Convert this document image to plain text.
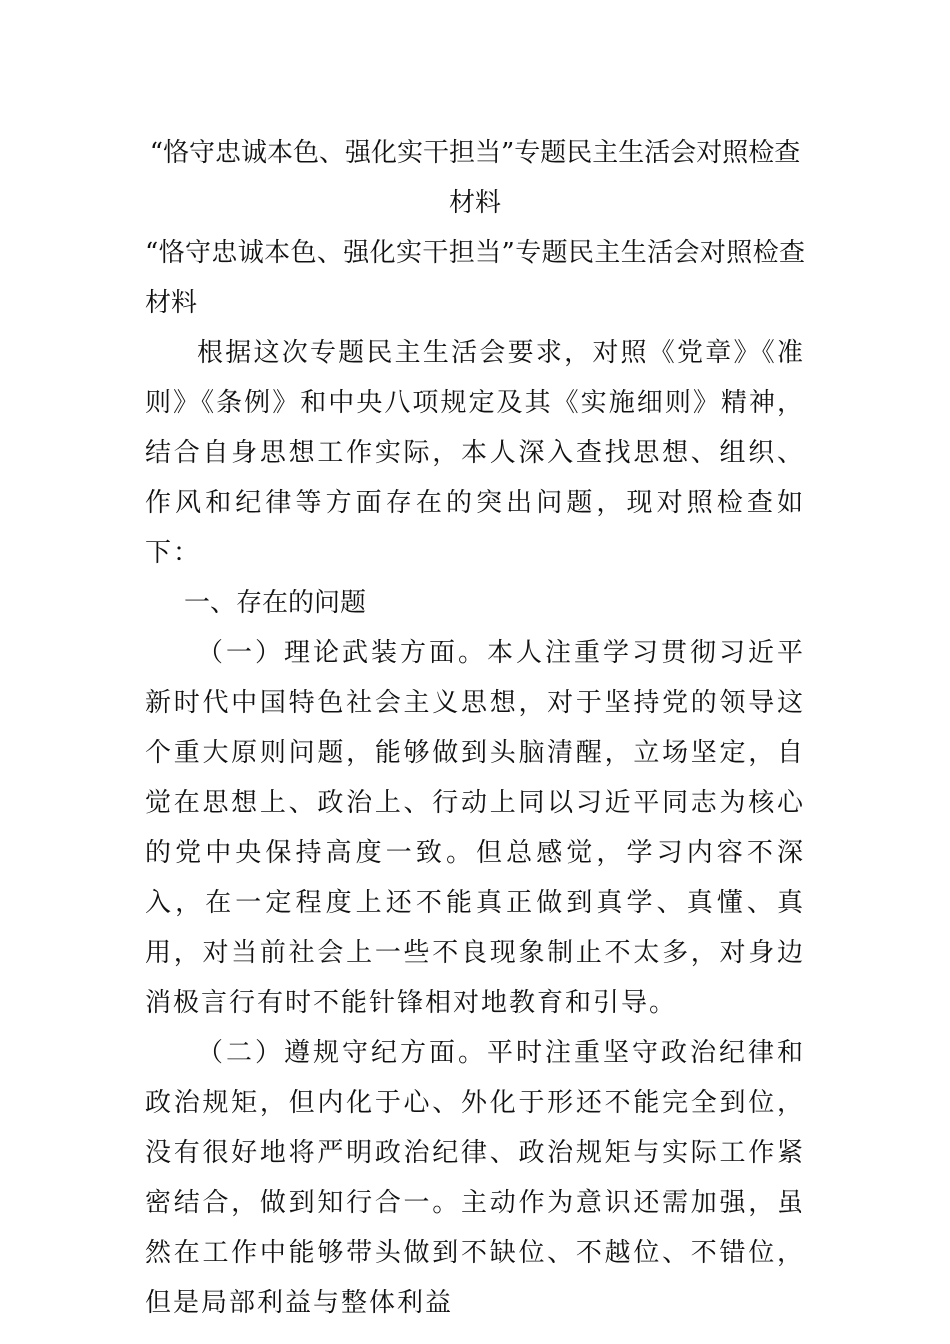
“恪守忠诚本色、强化实干担当”专题民主生活会对照检查材料

“恪守忠诚本色、强化实干担当”专题民主生活会对照检查材料

根据这次专题民主生活会要求，对照《党章》《准则》《条例》和中央八项规定及其《实施细则》精神，结合自身思想工作实际，本人深入查找思想、组织、作风和纪律等方面存在的突出问题，现对照检查如下：

一、存在的问题

（一）理论武装方面。本人注重学习贯彻习近平新时代中国特色社会主义思想，对于坚持党的领导这个重大原则问题，能够做到头脑清醒，立场坚定，自觉在思想上、政治上、行动上同以习近平同志为核心的党中央保持高度一致。但总感觉，学习内容不深入，在一定程度上还不能真正做到真学、真懂、真用，对当前社会上一些不良现象制止不太多，对身边消极言行有时不能针锋相对地教育和引导。

（二）遵规守纪方面。平时注重坚守政治纪律和政治规矩，但内化于心、外化于形还不能完全到位，没有很好地将严明政治纪律、政治规矩与实际工作紧密结合，做到知行合一。主动作为意识还需加强，虽然在工作中能够带头做到不缺位、不越位、不错位，但是局部利益与整体利益
